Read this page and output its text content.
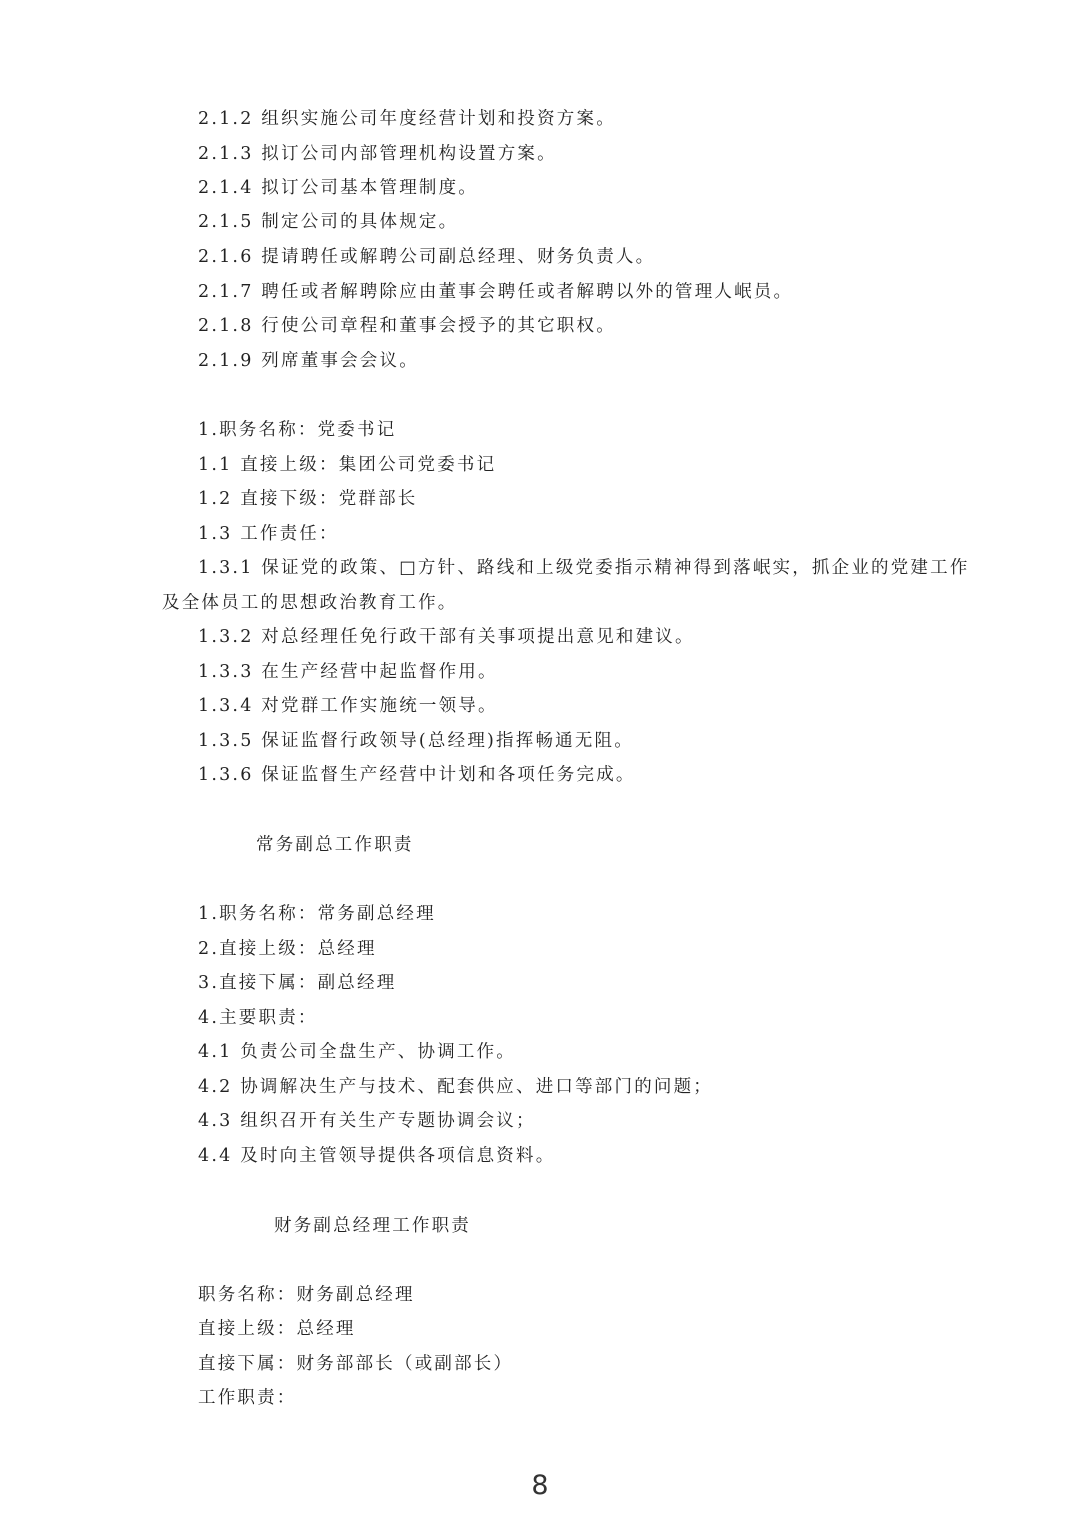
2.1.2 组织实施公司年度经营计划和投资方案。
2.1.3 拟订公司内部管理机构设置方案。
2.1.4 拟订公司基本管理制度。
2.1.5 制定公司的具体规定。
2.1.6 提请聘任或解聘公司副总经理、财务负责人。
2.1.7 聘任或者解聘除应由董事会聘任或者解聘以外的管理人岷员。
2.1.8 行使公司章程和董事会授予的其它职权。
2.1.9 列席董事会会议。
1.职务名称：党委书记
1.1 直接上级：集团公司党委书记
1.2 直接下级：党群部长
1.3 工作责任：
1.3.1 保证党的政策、□方针、路线和上级党委指示精神得到落岷实，抓企业的党建工作
及全体员工的思想政治教育工作。
1.3.2 对总经理任免行政干部有关事项提出意见和建议。
1.3.3 在生产经营中起监督作用。
1.3.4 对党群工作实施统一领导。
1.3.5 保证监督行政领导(总经理)指挥畅通无阻。
1.3.6 保证监督生产经营中计划和各项任务完成。
常务副总工作职责
1.职务名称：常务副总经理
2.直接上级：总经理
3.直接下属：副总经理
4.主要职责：
4.1 负责公司全盘生产、协调工作。
4.2 协调解决生产与技术、配套供应、进口等部门的问题；
4.3 组织召开有关生产专题协调会议；
4.4 及时向主管领导提供各项信息资料。
财务副总经理工作职责
职务名称：财务副总经理
直接上级：总经理
直接下属：财务部部长（或副部长）
工作职责：
8
